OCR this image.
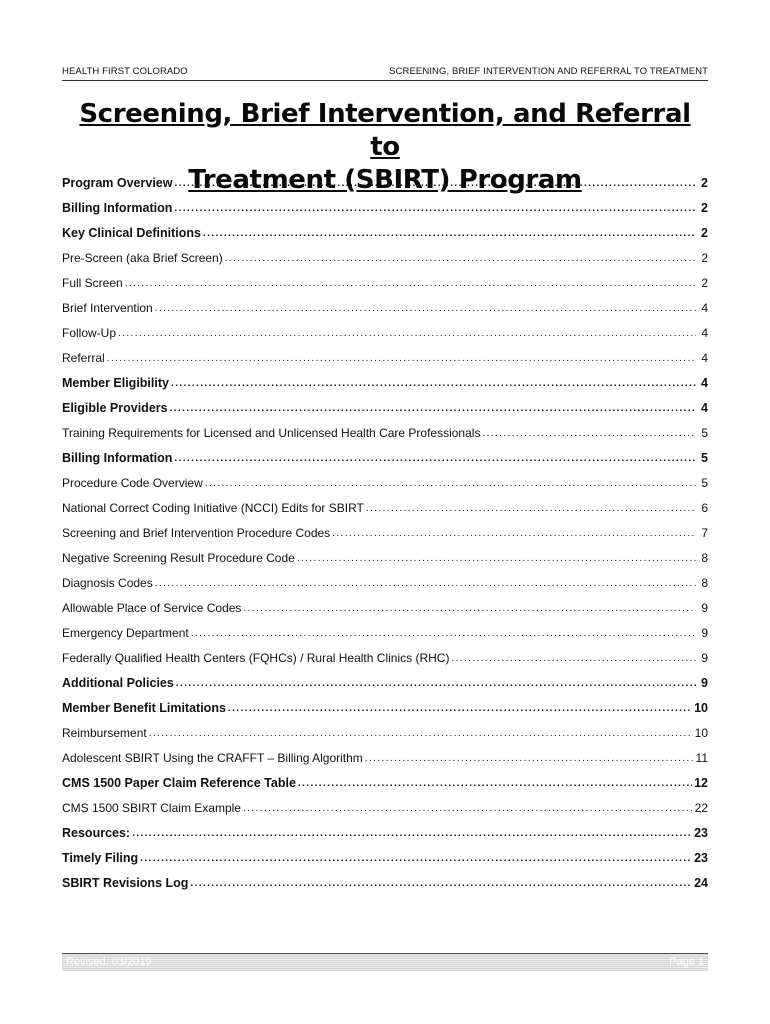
HEALTH FIRST COLORADO	SCREENING, BRIEF INTERVENTION AND REFERRAL TO TREATMENT
Screening, Brief Intervention, and Referral to
Treatment (SBIRT) Program
Program Overview .....	2
Billing Information .....	2
Key Clinical Definitions .....	2
Pre-Screen (aka Brief Screen) .....	2
Full Screen .....	2
Brief Intervention .....	4
Follow-Up .....	4
Referral .....	4
Member Eligibility .....	4
Eligible Providers .....	4
Training Requirements for Licensed and Unlicensed Health Care Professionals .....	5
Billing Information .....	5
Procedure Code Overview .....	5
National Correct Coding Initiative (NCCI) Edits for SBIRT .....	6
Screening and Brief Intervention Procedure Codes .....	7
Negative Screening Result Procedure Code .....	8
Diagnosis Codes .....	8
Allowable Place of Service Codes .....	9
Emergency Department .....	9
Federally Qualified Health Centers (FQHCs) / Rural Health Clinics (RHC) .....	9
Additional Policies .....	9
Member Benefit Limitations .....	10
Reimbursement .....	10
Adolescent SBIRT Using the CRAFFT – Billing Algorithm .....	11
CMS 1500 Paper Claim Reference Table .....	12
CMS 1500 SBIRT Claim Example .....	22
Resources: .....	23
Timely Filing .....	23
SBIRT Revisions Log .....	24
Revised: 03/2019	Page 1
